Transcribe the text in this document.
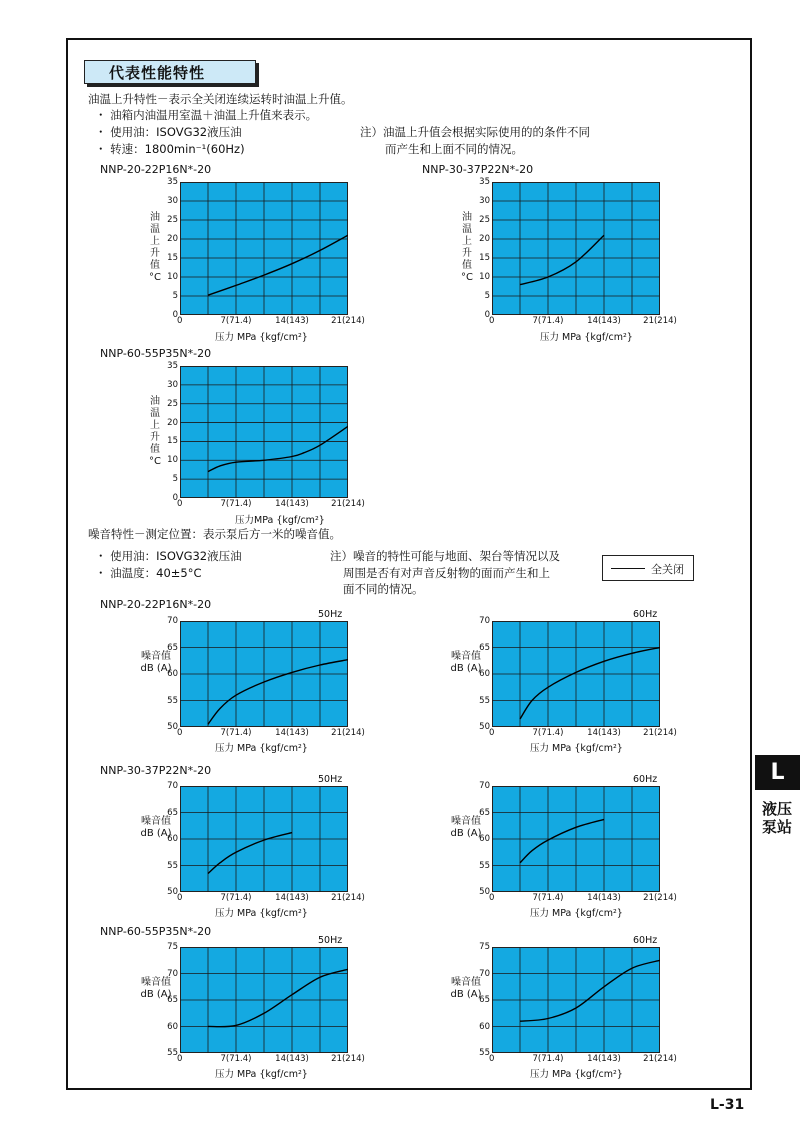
代表性能特性
油温上升特性－表示全关闭连续运转时油温上升值。
・ 油箱内油温用室温＋油温上升值来表示。
・ 使用油：ISOVG32液压油
・ 转速：1800min⁻¹(60Hz)
注）油温上升值会根据实际使用的的条件不同
而产生和上面不同的情况。
噪音特性－测定位置：表示泵后方一米的噪音值。
・ 使用油：ISOVG32液压油
・ 油温度：40±5°C
注）噪音的特性可能与地面、架台等情况以及
周围是否有对声音反射物的面而产生和上
面不同的情况。
全关闭
NNP-20-22P16N*-20
0
5
10
15
20
25
30
35
0	7(71.4)	14(143)	21(214)
压力 MPa {kgf/cm²}
油温上升值 °C
NNP-30-37P22N*-20
0
5
10
15
20
25
30
35
0	7(71.4)	14(143)	21(214)
压力 MPa {kgf/cm²}
油温上升值 °C
NNP-60-55P35N*-20
0
5
10
15
20
25
30
35
0	7(71.4)	14(143)	21(214)
压力MPa {kgf/cm²}
油温上升值 °C
NNP-20-22P16N*-20
50Hz
50
55
60
65
70
0	7(71.4)	14(143)	21(214)
压力 MPa {kgf/cm²}
噪音值 dB (A)
60Hz
50
55
60
65
70
0	7(71.4)	14(143)	21(214)
压力 MPa {kgf/cm²}
噪音值 dB (A)
NNP-30-37P22N*-20
50Hz
50
55
60
65
70
0	7(71.4)	14(143)	21(214)
压力 MPa {kgf/cm²}
噪音值 dB (A)
60Hz
50
55
60
65
70
0	7(71.4)	14(143)	21(214)
压力 MPa {kgf/cm²}
噪音值 dB (A)
NNP-60-55P35N*-20
50Hz
55
60
65
70
75
0	7(71.4)	14(143)	21(214)
压力 MPa {kgf/cm²}
噪音值 dB (A)
60Hz
55
60
65
70
75
0	7(71.4)	14(143)	21(214)
压力 MPa {kgf/cm²}
噪音值 dB (A)
L
液压泵站
L-31
